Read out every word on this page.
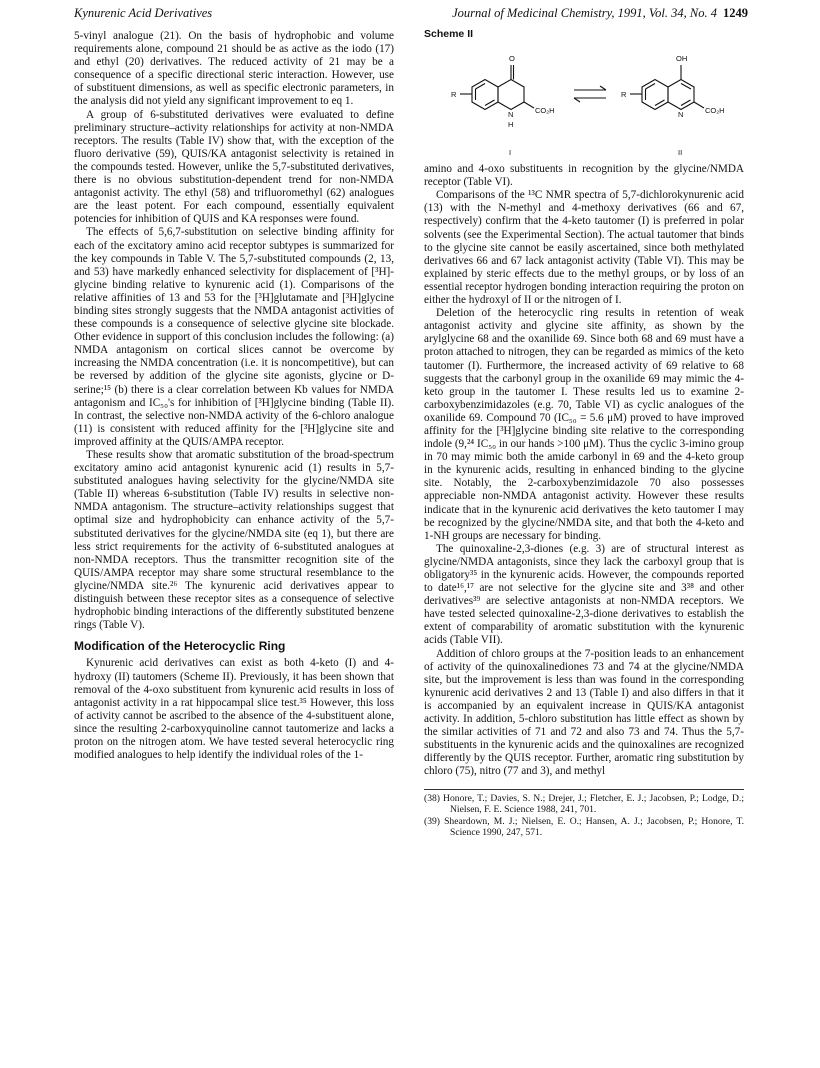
Kynurenic Acid Derivatives	Journal of Medicinal Chemistry, 1991, Vol. 34, No. 4 1249

5-vinyl analogue (21). On the basis of hydrophobic and volume requirements alone, compound 21 should be as active as the iodo (17) and ethyl (20) derivatives. The reduced activity of 21 may be a consequence of a specific directional steric interaction. However, use of substituent dimensions, as well as specific electronic parameters, in the analysis did not yield any significant improvement to eq 1.

A group of 6-substituted derivatives were evaluated to define preliminary structure–activity relationships for activity at non-NMDA receptors. The results (Table IV) show that, with the exception of the fluoro derivative (59), QUIS/KA antagonist selectivity is retained in the compounds tested. However, unlike the 5,7-substituted derivatives, there is no obvious substitution-dependent trend for non-NMDA antagonist activity. The ethyl (58) and trifluoromethyl (62) analogues are the least potent. For each compound, essentially equivalent potencies for inhibition of QUIS and KA responses were found.

The effects of 5,6,7-substitution on selective binding affinity for each of the excitatory amino acid receptor subtypes is summarized for the key compounds in Table V. The 5,7-substituted compounds (2, 13, and 53) have markedly enhanced selectivity for displacement of [³H]-glycine binding relative to kynurenic acid (1). Comparisons of the relative affinities of 13 and 53 for the [³H]glutamate and [³H]glycine binding sites strongly suggests that the NMDA antagonist activities of these compounds is a consequence of selective glycine site blockade. Other evidence in support of this conclusion includes the following: (a) NMDA antagonism on cortical slices cannot be overcome by increasing the NMDA concentration (i.e. it is noncompetitive), but can be reversed by addition of the glycine site agonists, glycine or D-serine;¹⁵ (b) there is a clear correlation between Kb values for NMDA antagonism and IC₅₀'s for inhibition of [³H]glycine binding (Table II). In contrast, the selective non-NMDA activity of the 6-chloro analogue (11) is consistent with reduced affinity for the [³H]glycine site and improved affinity at the QUIS/AMPA receptor.

These results show that aromatic substitution of the broad-spectrum excitatory amino acid antagonist kynurenic acid (1) results in 5,7-substituted analogues having selectivity for the glycine/NMDA site (Table II) whereas 6-substitution (Table IV) results in selective non-NMDA antagonism. The structure–activity relationships suggest that optimal size and hydrophobicity can enhance activity of the 5,7-substituted derivatives for the glycine/NMDA site (eq 1), but there are less strict requirements for the activity of 6-substituted analogues at non-NMDA receptors. Thus the transmitter recognition site of the QUIS/AMPA receptor may share some structural resemblance to the glycine/NMDA site.²⁶ The kynurenic acid derivatives appear to distinguish between these receptor sites as a consequence of selective hydrophobic binding interactions of the differently substituted benzene rings (Table V).

Modification of the Heterocyclic Ring

Kynurenic acid derivatives can exist as both 4-keto (I) and 4-hydroxy (II) tautomers (Scheme II). Previously, it has been shown that removal of the 4-oxo substituent from kynurenic acid results in loss of antagonist activity in a rat hippocampal slice test.³⁵ However, this loss of activity cannot be ascribed to the absence of the 4-substituent alone, since the resulting 2-carboxyquinoline cannot tautomerize and lacks a proton on the nitrogen atom. We have tested several heterocyclic ring modified analogues to help identify the individual roles of the 1-

Scheme II
R
O
CO₂H
N
H
I
R
OH
CO₂H
N
II

amino and 4-oxo substituents in recognition by the glycine/NMDA receptor (Table VI).

Comparisons of the ¹³C NMR spectra of 5,7-dichlorokynurenic acid (13) with the N-methyl and 4-methoxy derivatives (66 and 67, respectively) confirm that the 4-keto tautomer (I) is preferred in polar solvents (see the Experimental Section). The actual tautomer that binds to the glycine site cannot be easily ascertained, since both methylated derivatives 66 and 67 lack antagonist activity (Table VI). This may be explained by steric effects due to the methyl groups, or by loss of an essential receptor hydrogen bonding interaction requiring the proton on either the hydroxyl of II or the nitrogen of I.

Deletion of the heterocyclic ring results in retention of weak antagonist activity and glycine site affinity, as shown by the arylglycine 68 and the oxanilide 69. Since both 68 and 69 must have a proton attached to nitrogen, they can be regarded as mimics of the keto tautomer (I). Furthermore, the increased activity of 69 relative to 68 suggests that the carbonyl group in the oxanilide 69 may mimic the 4-keto group in the tautomer I. These results led us to examine 2-carboxybenzimidazoles (e.g. 70, Table VI) as cyclic analogues of the oxanilide 69. Compound 70 (IC₅₀ = 5.6 μM) proved to have improved affinity for the [³H]glycine binding site relative to the corresponding indole (9,²⁴ IC₅₀ in our hands >100 μM). Thus the cyclic 3-imino group in 70 may mimic both the amide carbonyl in 69 and the 4-keto group in the kynurenic acids, resulting in enhanced binding to the glycine site. Notably, the 2-carboxybenzimidazole 70 also possesses appreciable non-NMDA antagonist activity. However these results indicate that in the kynurenic acid derivatives the keto tautomer I may be recognized by the glycine/NMDA site, and that both the 4-keto and 1-NH groups are necessary for binding.

The quinoxaline-2,3-diones (e.g. 3) are of structural interest as glycine/NMDA antagonists, since they lack the carboxyl group that is obligatory³⁵ in the kynurenic acids. However, the compounds reported to date¹⁶,¹⁷ are not selective for the glycine site and 3³⁸ and other derivatives³⁹ are selective antagonists at non-NMDA receptors. We have tested selected quinoxaline-2,3-dione derivatives to establish the extent of comparability of aromatic substitution with the kynurenic acids (Table VII).

Addition of chloro groups at the 7-position leads to an enhancement of activity of the quinoxalinediones 73 and 74 at the glycine/NMDA site, but the improvement is less than was found in the corresponding kynurenic acid derivatives 2 and 13 (Table I) and also differs in that it is accompanied by an equivalent increase in QUIS/KA antagonist activity. In addition, 5-chloro substitution has little effect as shown by the similar activities of 71 and 72 and also 73 and 74. Thus the 5,7-substituents in the kynurenic acids and the quinoxalines are recognized differently by the QUIS receptor. Further, aromatic ring substitution by chloro (75), nitro (77 and 3), and methyl

(38) Honore, T.; Davies, S. N.; Drejer, J.; Fletcher, E. J.; Jacobsen, P.; Lodge, D.; Nielsen, F. E. Science 1988, 241, 701.
(39) Sheardown, M. J.; Nielsen, E. O.; Hansen, A. J.; Jacobsen, P.; Honore, T. Science 1990, 247, 571.
